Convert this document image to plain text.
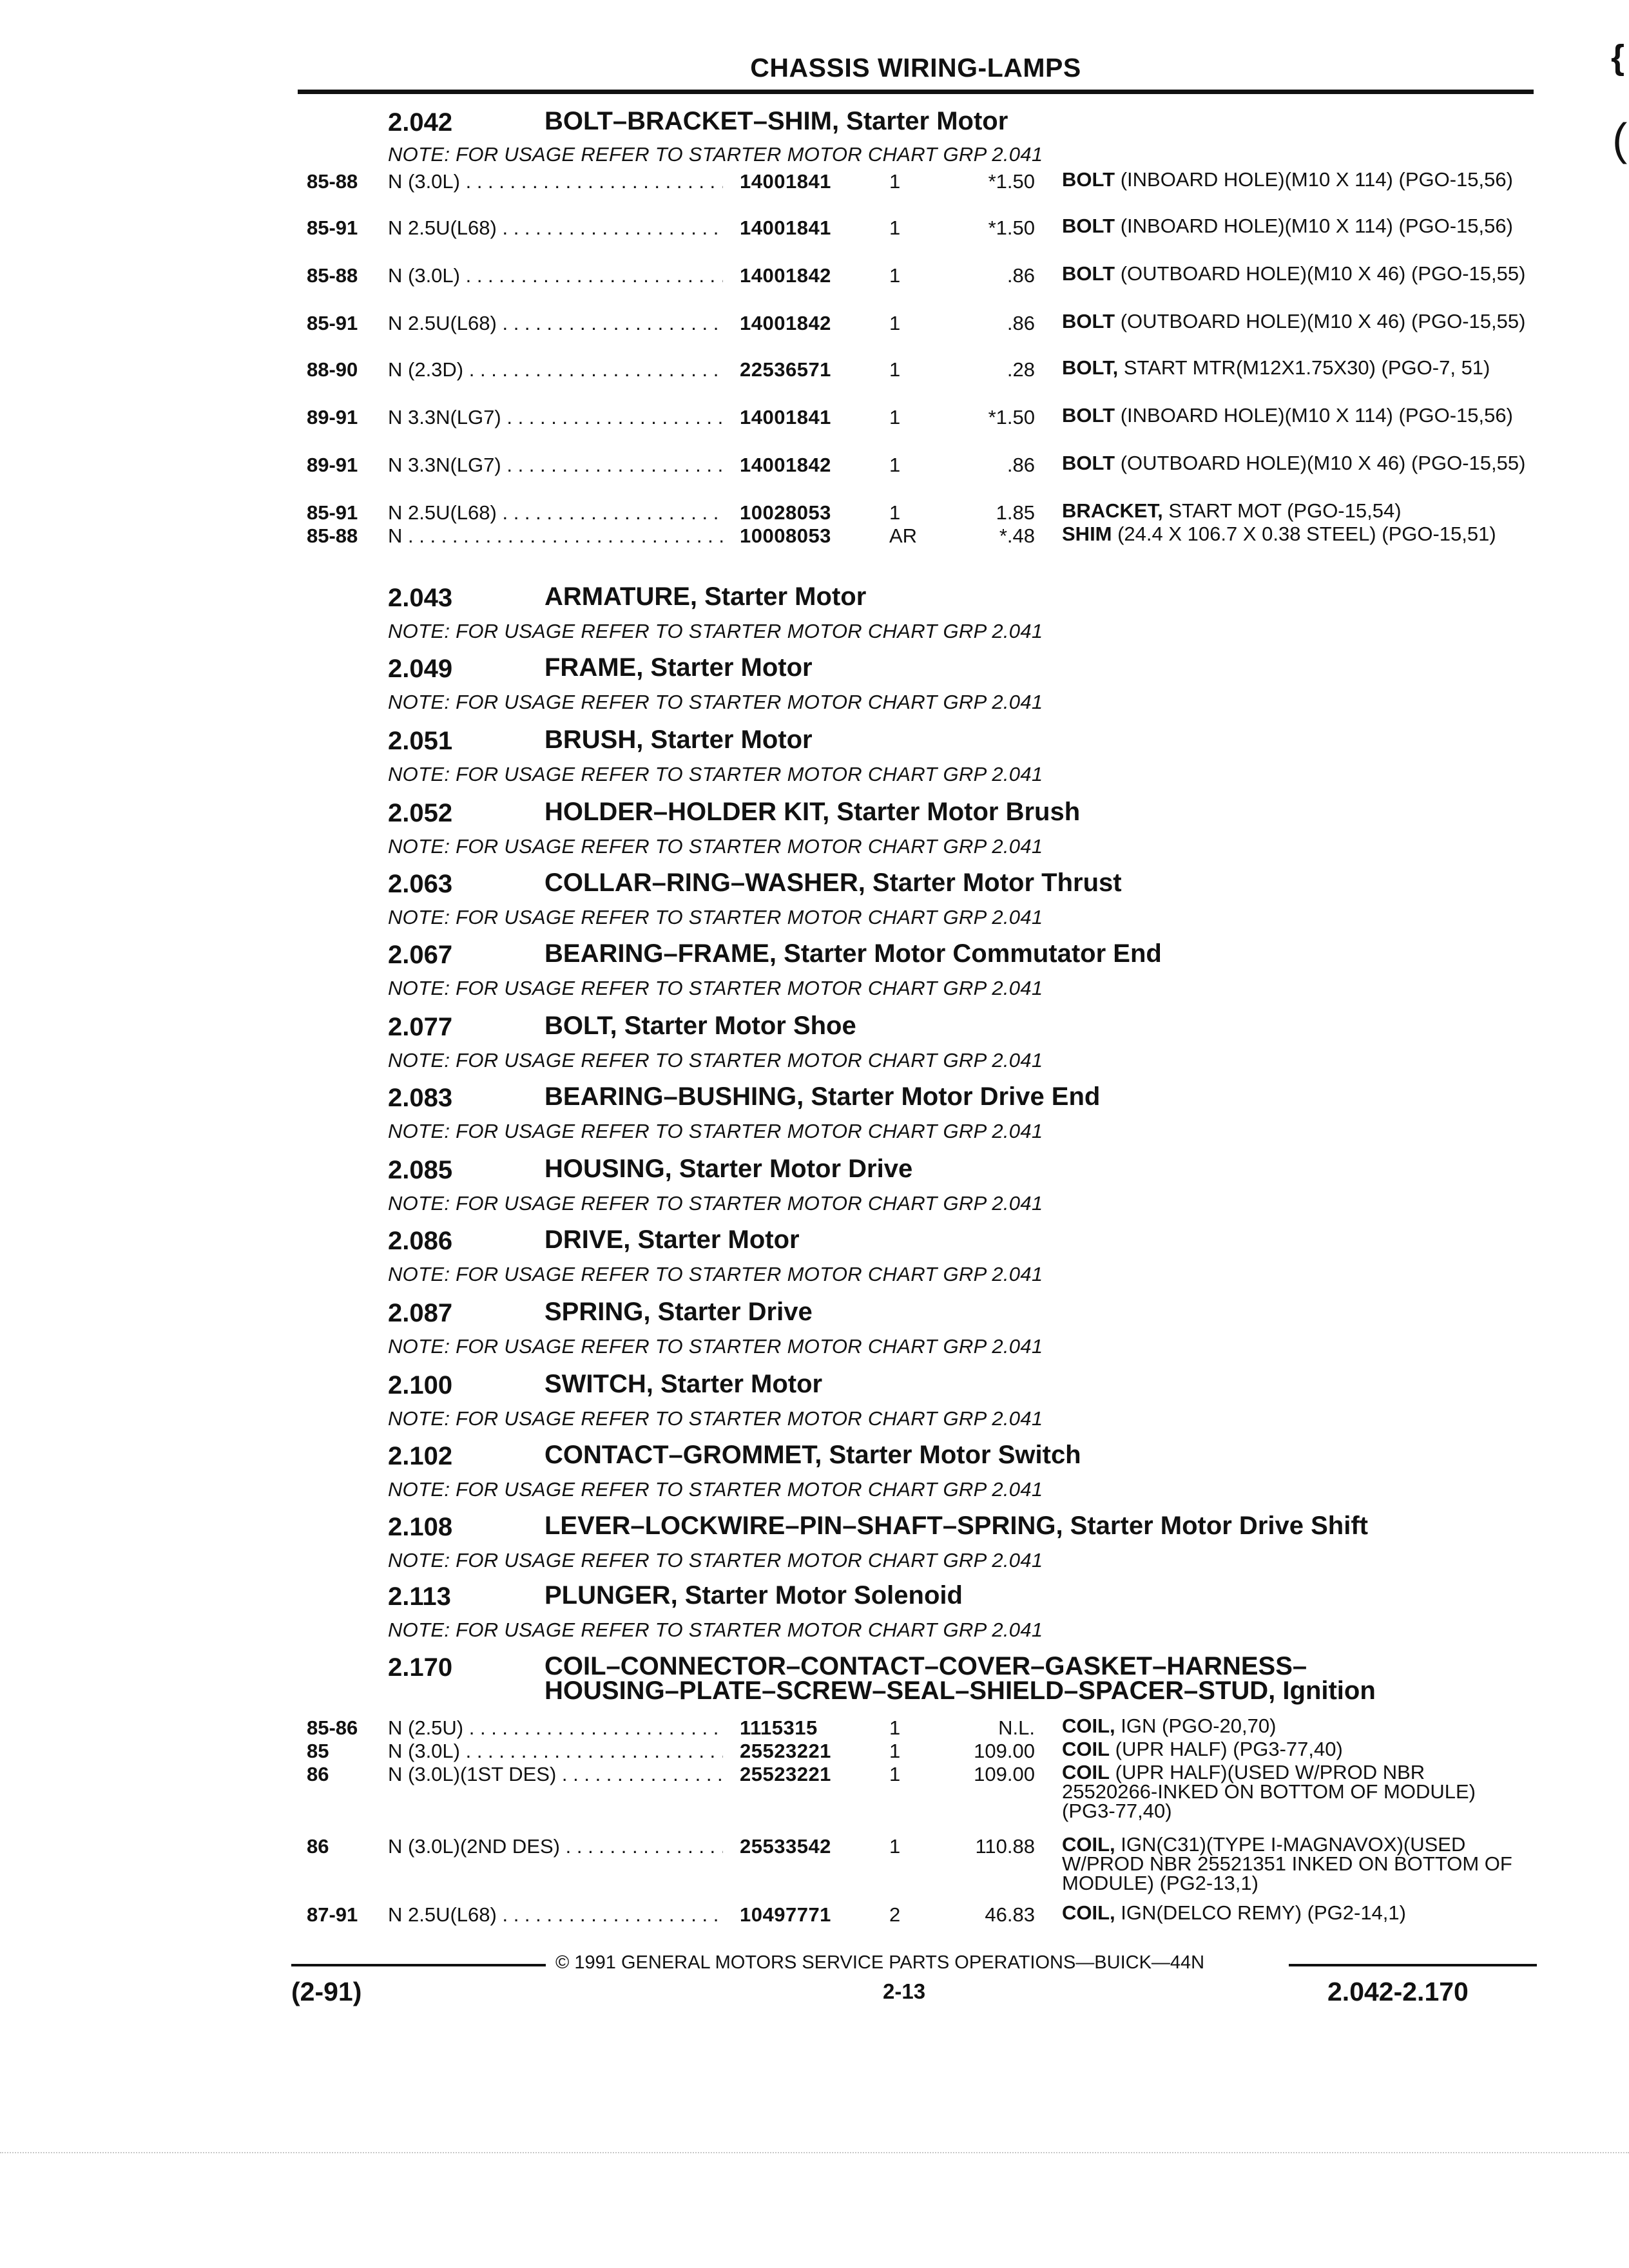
{
(
CHASSIS WIRING-LAMPS
2.042	BOLT–BRACKET–SHIM, Starter Motor
NOTE: FOR USAGE REFER TO STARTER MOTOR CHART GRP 2.041
85-88 N (3.0L) . . .	14001841	1	*1.50 BOLT (INBOARD HOLE)(M10 X 114) (PGO-15,56)
85-91 N 2.5U(L68) . . .	14001841	1	*1.50 BOLT (INBOARD HOLE)(M10 X 114) (PGO-15,56)
85-88 N (3.0L) . . .	14001842	1	.86 BOLT (OUTBOARD HOLE)(M10 X 46) (PGO-15,55)
85-91 N 2.5U(L68) . . .	14001842	1	.86 BOLT (OUTBOARD HOLE)(M10 X 46) (PGO-15,55)
88-90 N (2.3D) . . .	22536571	1	.28 BOLT, START MTR(M12X1.75X30) (PGO-7, 51)
89-91 N 3.3N(LG7) . . .	14001841	1	*1.50 BOLT (INBOARD HOLE)(M10 X 114) (PGO-15,56)
89-91 N 3.3N(LG7) . . .	14001842	1	.86 BOLT (OUTBOARD HOLE)(M10 X 46) (PGO-15,55)
85-91 N 2.5U(L68) . . .	10028053	1	1.85 BRACKET, START MOT (PGO-15,54)
85-88 N . . .	10008053	AR	*.48 SHIM (24.4 X 106.7 X 0.38 STEEL) (PGO-15,51)
2.043	ARMATURE, Starter Motor
NOTE: FOR USAGE REFER TO STARTER MOTOR CHART GRP 2.041
2.049	FRAME, Starter Motor
NOTE: FOR USAGE REFER TO STARTER MOTOR CHART GRP 2.041
2.051	BRUSH, Starter Motor
NOTE: FOR USAGE REFER TO STARTER MOTOR CHART GRP 2.041
2.052	HOLDER–HOLDER KIT, Starter Motor Brush
NOTE: FOR USAGE REFER TO STARTER MOTOR CHART GRP 2.041
2.063	COLLAR–RING–WASHER, Starter Motor Thrust
NOTE: FOR USAGE REFER TO STARTER MOTOR CHART GRP 2.041
2.067	BEARING–FRAME, Starter Motor Commutator End
NOTE: FOR USAGE REFER TO STARTER MOTOR CHART GRP 2.041
2.077	BOLT, Starter Motor Shoe
NOTE: FOR USAGE REFER TO STARTER MOTOR CHART GRP 2.041
2.083	BEARING–BUSHING, Starter Motor Drive End
NOTE: FOR USAGE REFER TO STARTER MOTOR CHART GRP 2.041
2.085	HOUSING, Starter Motor Drive
NOTE: FOR USAGE REFER TO STARTER MOTOR CHART GRP 2.041
2.086	DRIVE, Starter Motor
NOTE: FOR USAGE REFER TO STARTER MOTOR CHART GRP 2.041
2.087	SPRING, Starter Drive
NOTE: FOR USAGE REFER TO STARTER MOTOR CHART GRP 2.041
2.100	SWITCH, Starter Motor
NOTE: FOR USAGE REFER TO STARTER MOTOR CHART GRP 2.041
2.102	CONTACT–GROMMET, Starter Motor Switch
NOTE: FOR USAGE REFER TO STARTER MOTOR CHART GRP 2.041
2.108	LEVER–LOCKWIRE–PIN–SHAFT–SPRING, Starter Motor Drive Shift
NOTE: FOR USAGE REFER TO STARTER MOTOR CHART GRP 2.041
2.113	PLUNGER, Starter Motor Solenoid
NOTE: FOR USAGE REFER TO STARTER MOTOR CHART GRP 2.041
2.170	COIL–CONNECTOR–CONTACT–COVER–GASKET–HARNESS–
HOUSING–PLATE–SCREW–SEAL–SHIELD–SPACER–STUD, Ignition
85-86 N (2.5U) . . .	1115315	1	N.L. COIL, IGN (PGO-20,70)
85	N (3.0L) . . .	25523221	1	109.00 COIL (UPR HALF) (PG3-77,40)
86	N (3.0L)(1ST DES) . . .	25523221	1	109.00 COIL (UPR HALF)(USED W/PROD NBR 25520266-INKED ON BOTTOM OF MODULE) (PG3-77,40)
86	N (3.0L)(2ND DES) . . .	25533542	1	110.88 COIL, IGN(C31)(TYPE I-MAGNAVOX)(USED W/PROD NBR 25521351 INKED ON BOTTOM OF MODULE) (PG2-13,1)
87-91 N 2.5U(L68) . . .	10497771	2	46.83 COIL, IGN(DELCO REMY) (PG2-14,1)
© 1991 GENERAL MOTORS SERVICE PARTS OPERATIONS—BUICK—44N
(2-91)	2-13	2.042-2.170
